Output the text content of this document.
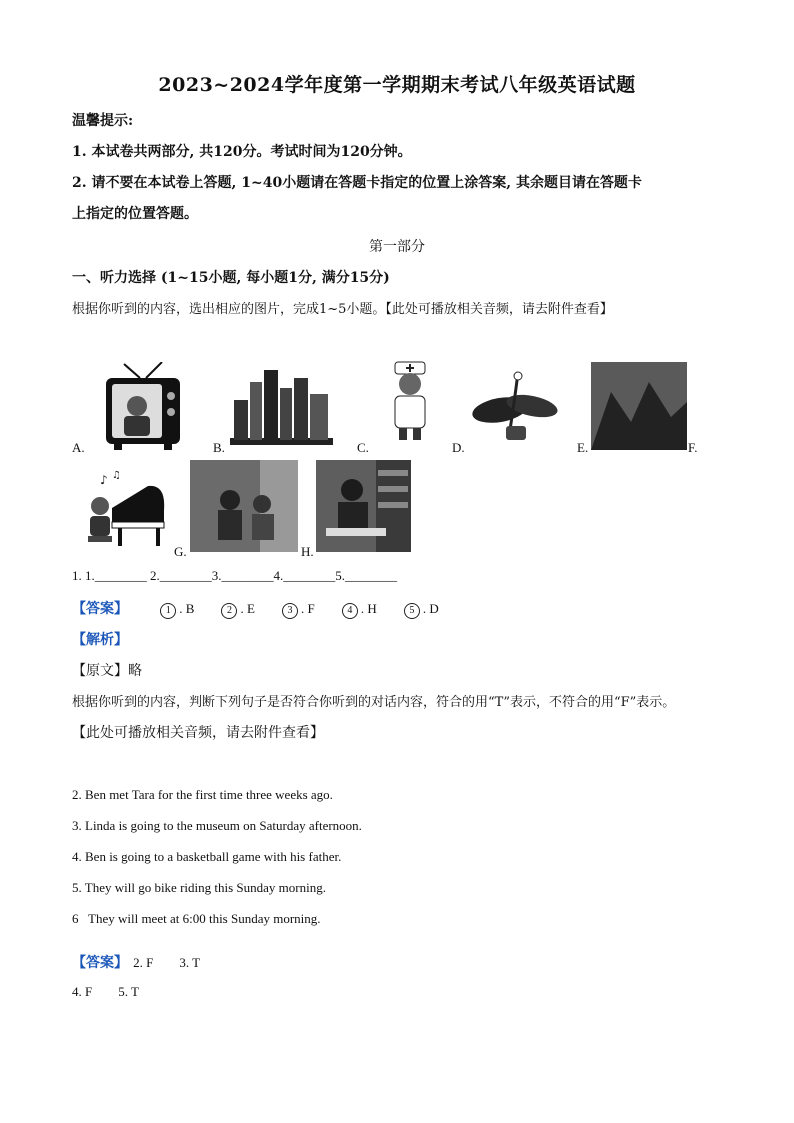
2023~2024学年度第一学期期末考试八年级英语试题
温馨提示:
1. 本试卷共两部分, 共120分。考试时间为120分钟。
2. 请不要在本试卷上答题, 1~40小题请在答题卡指定的位置上涂答案, 其余题目请在答题卡
上指定的位置答题。
第一部分
一、听力选择 (1~15小题, 每小题1分, 满分15分)
根据你听到的内容，选出相应的图片，完成1~5小题。【此处可播放相关音频，请去附件查看】
A.	B.	C.	D.	E.	F.
♪ ♫
G.	H.
1. 1.________ 2.________3.________4.________5.________
【答案】	1 . B	2 . E	3 . F	4 . H	5 . D
【解析】
【原文】略
根据你听到的内容，判断下列句子是否符合你听到的对话内容，符合的用“T”表示，不符合的用“F”表示。
【此处可播放相关音频，请去附件查看】
2. Ben met Tara for the first time three weeks ago.
3. Linda is going to the museum on Saturday afternoon.
4. Ben is going to a basketball game with his father.
5. They will go bike riding this Sunday morning.
6   They will meet at 6:00 this Sunday morning.
【答案】 2. F        3. T
4. F        5. T
